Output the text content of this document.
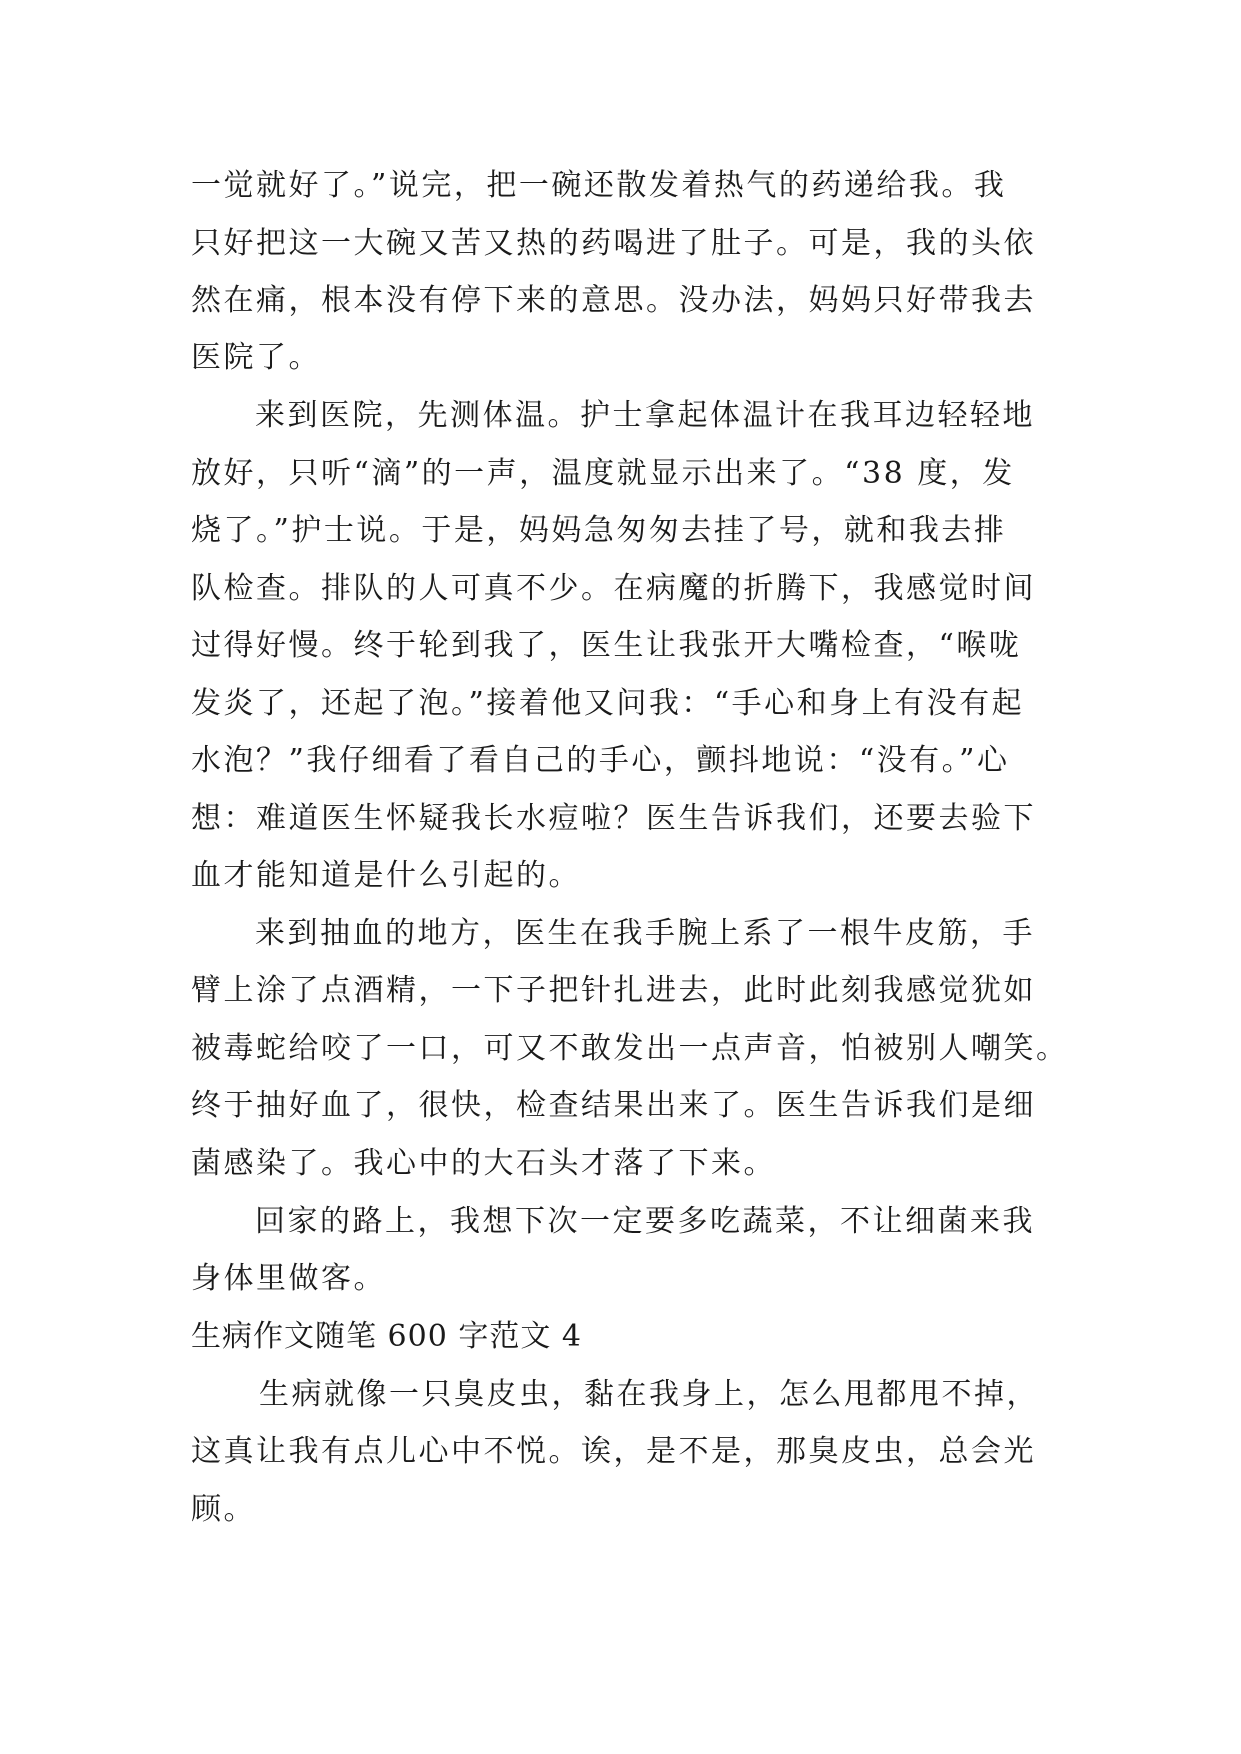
一觉就好了。”说完，把一碗还散发着热气的药递给我。我
只好把这一大碗又苦又热的药喝进了肚子。可是，我的头依
然在痛，根本没有停下来的意思。没办法，妈妈只好带我去
医院了。
来到医院，先测体温。护士拿起体温计在我耳边轻轻地
放好，只听“滴”的一声，温度就显示出来了。“38 度，发
烧了。”护士说。于是，妈妈急匆匆去挂了号，就和我去排
队检查。排队的人可真不少。在病魔的折腾下，我感觉时间
过得好慢。终于轮到我了，医生让我张开大嘴检查，“喉咙
发炎了，还起了泡。”接着他又问我：“手心和身上有没有起
水泡？”我仔细看了看自己的手心，颤抖地说：“没有。”心
想：难道医生怀疑我长水痘啦？医生告诉我们，还要去验下
血才能知道是什么引起的。
来到抽血的地方，医生在我手腕上系了一根牛皮筋，手
臂上涂了点酒精，一下子把针扎进去，此时此刻我感觉犹如
被毒蛇给咬了一口，可又不敢发出一点声音，怕被别人嘲笑。
终于抽好血了，很快，检查结果出来了。医生告诉我们是细
菌感染了。我心中的大石头才落了下来。
回家的路上，我想下次一定要多吃蔬菜，不让细菌来我
身体里做客。
生病作文随笔 600 字范文 4
生病就像一只臭皮虫，黏在我身上，怎么甩都甩不掉，
这真让我有点儿心中不悦。诶，是不是，那臭皮虫，总会光
顾。
